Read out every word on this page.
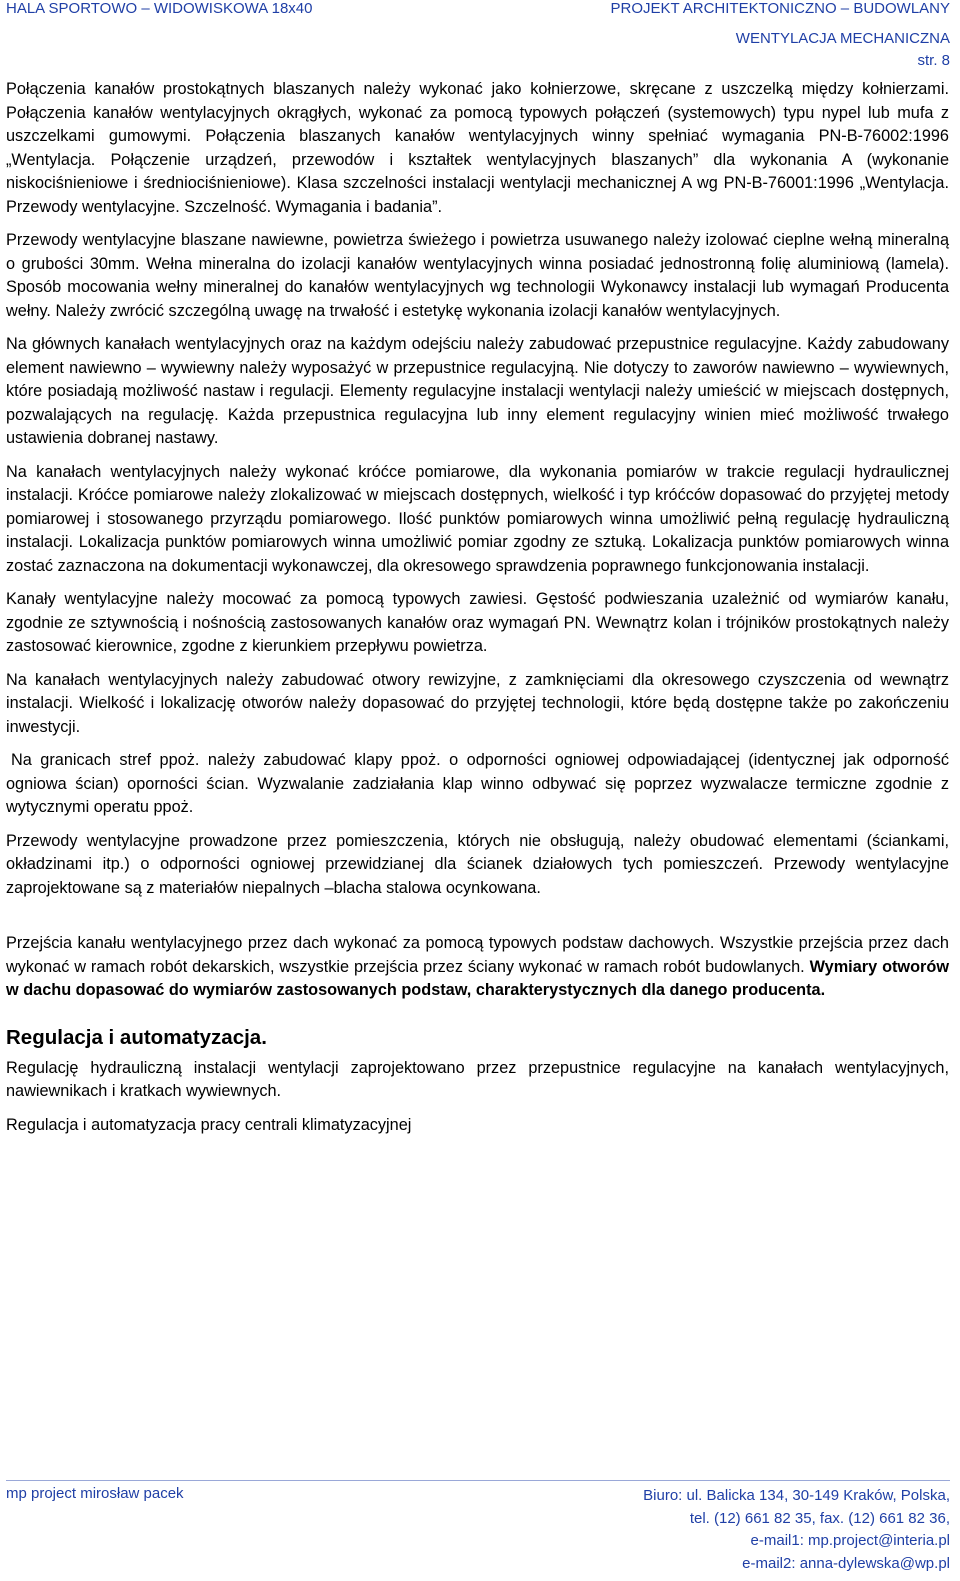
HALA SPORTOWO – WIDOWISKOWA 18x40	PROJEKT ARCHITEKTONICZNO – BUDOWLANY
WENTYLACJA MECHANICZNA
str. 8

Połączenia kanałów prostokątnych blaszanych należy wykonać jako kołnierzowe, skręcane z uszczelką między kołnierzami. Połączenia kanałów wentylacyjnych okrągłych, wykonać za pomocą typowych połączeń (systemowych) typu nypel lub mufa z uszczelkami gumowymi. Połączenia blaszanych kanałów wentylacyjnych winny spełniać wymagania PN-B-76002:1996 „Wentylacja. Połączenie urządzeń, przewodów i kształtek wentylacyjnych blaszanych” dla wykonania A (wykonanie niskociśnieniowe i średniociśnieniowe). Klasa szczelności instalacji wentylacji mechanicznej A wg PN-B-76001:1996 „Wentylacja. Przewody wentylacyjne. Szczelność. Wymagania i badania”.

Przewody wentylacyjne blaszane nawiewne, powietrza świeżego i powietrza usuwanego należy izolować cieplne wełną mineralną o grubości 30mm. Wełna mineralna do izolacji kanałów wentylacyjnych winna posiadać jednostronną folię aluminiową (lamela). Sposób mocowania wełny mineralnej do kanałów wentylacyjnych wg technologii Wykonawcy instalacji lub wymagań Producenta wełny. Należy zwrócić szczególną uwagę na trwałość i estetykę wykonania izolacji kanałów wentylacyjnych.

Na głównych kanałach wentylacyjnych oraz na każdym odejściu należy zabudować przepustnice regulacyjne. Każdy zabudowany element nawiewno – wywiewny należy wyposażyć w przepustnice regulacyjną. Nie dotyczy to zaworów nawiewno – wywiewnych, które posiadają możliwość nastaw i regulacji. Elementy regulacyjne instalacji wentylacji należy umieścić w miejscach dostępnych, pozwalających na regulację. Każda przepustnica regulacyjna lub inny element regulacyjny winien mieć możliwość trwałego ustawienia dobranej nastawy.

Na kanałach wentylacyjnych należy wykonać króćce pomiarowe, dla wykonania pomiarów w trakcie regulacji hydraulicznej instalacji. Króćce pomiarowe należy zlokalizować w miejscach dostępnych, wielkość i typ króćców dopasować do przyjętej metody pomiarowej i stosowanego przyrządu pomiarowego. Ilość punktów pomiarowych winna umożliwić pełną regulację hydrauliczną instalacji. Lokalizacja punktów pomiarowych winna umożliwić pomiar zgodny ze sztuką. Lokalizacja punktów pomiarowych winna zostać zaznaczona na dokumentacji wykonawczej, dla okresowego sprawdzenia poprawnego funkcjonowania instalacji.

Kanały wentylacyjne należy mocować za pomocą typowych zawiesi. Gęstość podwieszania uzależnić od wymiarów kanału, zgodnie ze sztywnością i nośnością zastosowanych kanałów oraz wymagań PN. Wewnątrz kolan i trójników prostokątnych należy zastosować kierownice, zgodne z kierunkiem przepływu powietrza.

Na kanałach wentylacyjnych należy zabudować otwory rewizyjne, z zamknięciami dla okresowego czyszczenia od wewnątrz instalacji. Wielkość i lokalizację otworów należy dopasować do przyjętej technologii, które będą dostępne także po zakończeniu inwestycji.

Na granicach stref ppoż. należy zabudować klapy ppoż. o odporności ogniowej odpowiadającej (identycznej jak odporność ogniowa ścian) oporności ścian. Wyzwalanie zadziałania klap winno odbywać się poprzez wyzwalacze termiczne zgodnie z wytycznymi operatu ppoż.

Przewody wentylacyjne prowadzone przez pomieszczenia, których nie obsługują, należy obudować elementami (ściankami, okładzinami itp.) o odporności ogniowej przewidzianej dla ścianek działowych tych pomieszczeń. Przewody wentylacyjne zaprojektowane są z materiałów niepalnych –blacha stalowa ocynkowana.

Przejścia kanału wentylacyjnego przez dach wykonać za pomocą typowych podstaw dachowych. Wszystkie przejścia przez dach wykonać w ramach robót dekarskich, wszystkie przejścia przez ściany wykonać w ramach robót budowlanych. Wymiary otworów w dachu dopasować do wymiarów zastosowanych podstaw, charakterystycznych dla danego producenta.

Regulacja i automatyzacja.

Regulację hydrauliczną instalacji wentylacji zaprojektowano przez przepustnice regulacyjne na kanałach wentylacyjnych, nawiewnikach i kratkach wywiewnych.

Regulacja i automatyzacja pracy centrali klimatyzacyjnej

mp project mirosław pacek	Biuro: ul. Balicka 134, 30-149 Kraków, Polska,
tel. (12) 661 82 35, fax. (12) 661 82 36,
e-mail1: mp.project@interia.pl
e-mail2: anna-dylewska@wp.pl
